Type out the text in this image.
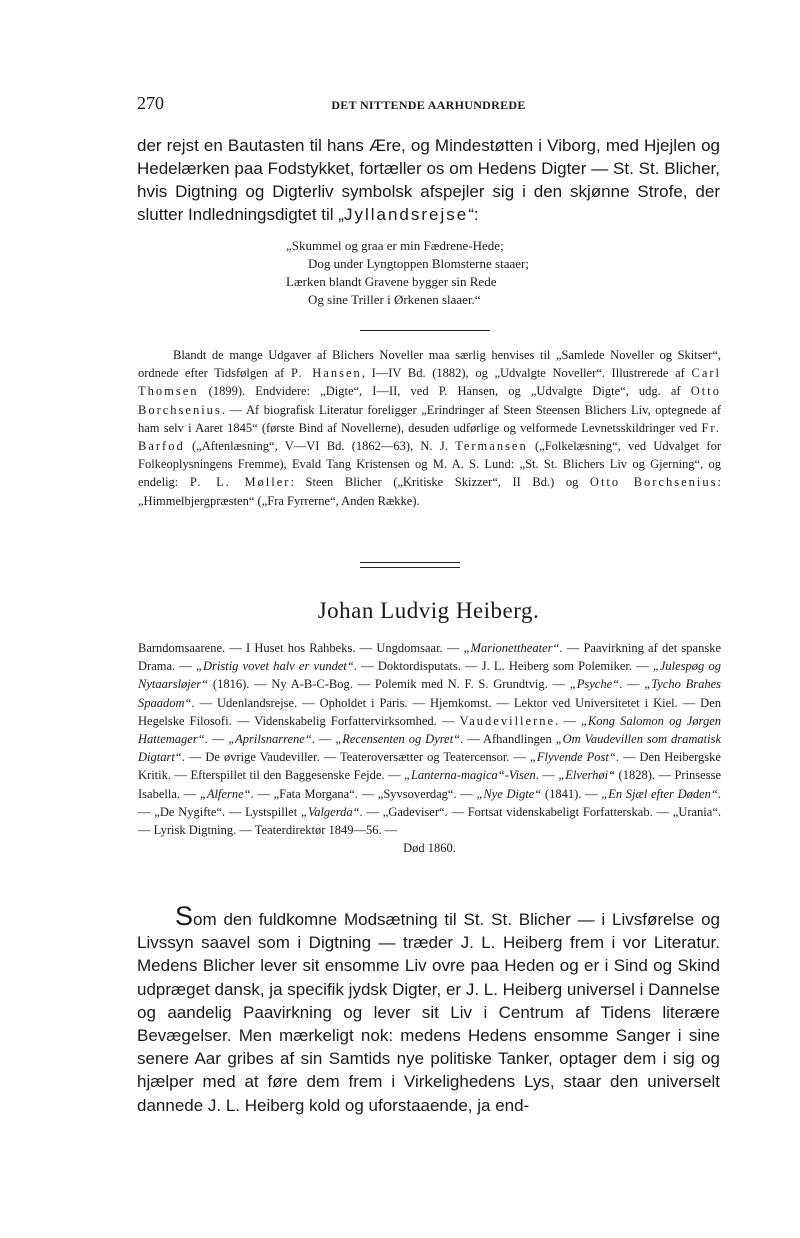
270	DET NITTENDE AARHUNDREDE

der rejst en Bautasten til hans Ære, og Mindestøtten i Viborg, med Hjejlen og Hedelærken paa Fodstykket, fortæller os om Hedens Digter — St. St. Blicher, hvis Digtning og Digterliv symbolsk afspejler sig i den skjønne Strofe, der slutter Indledningsdigtet til „Jyllandsrejse“:

„Skummel og graa er min Fædrene-Hede;
Dog under Lyngtoppen Blomsterne staaer;
Lærken blandt Gravene bygger sin Rede
Og sine Triller i Ørkenen slaaer.“

Blandt de mange Udgaver af Blichers Noveller maa særlig henvises til „Samlede Noveller og Skitser“, ordnede efter Tidsfølgen af P. Hansen, I—IV Bd. (1882), og „Udvalgte Noveller“. Illustrerede af Carl Thomsen (1899). Endvidere: „Digte“, I—II, ved P. Hansen, og „Udvalgte Digte“, udg. af Otto Borchsenius. — Af biografisk Literatur foreligger „Erindringer af Steen Steensen Blichers Liv, optegnede af ham selv i Aaret 1845“ (første Bind af Novellerne), desuden udførlige og velformede Levnetsskildringer ved Fr. Barfod („Aftenlæsning“, V—VI Bd. (1862—63), N. J. Termansen („Folkelæsning“, ved Udvalget for Folkeoplysningens Fremme), Evald Tang Kristensen og M. A. S. Lund: „St. St. Blichers Liv og Gjerning“, og endelig: P. L. Møller: Steen Blicher („Kritiske Skizzer“, II Bd.) og Otto Borchsenius: „Himmelbjergpræsten“ („Fra Fyrrerne“, Anden Række).

Johan Ludvig Heiberg.

Barndomsaarene. — I Huset hos Rahbeks. — Ungdomsaar. — „Marionettheater“. — Paavirkning af det spanske Drama. — „Dristig vovet halv er vundet“. — Doktordisputats. — J. L. Heiberg som Polemiker. — „Julespøg og Nytaarsløjer“ (1816). — Ny A-B-C-Bog. — Polemik med N. F. S. Grundtvig. — „Psyche“. — „Tycho Brahes Spaadom“. — Udenlandsrejse. — Opholdet i Paris. — Hjemkomst. — Lektor ved Universitetet i Kiel. — Den Hegelske Filosofi. — Videnskabelig Forfattervirksomhed. — Vaudevillerne. — „Kong Salomon og Jørgen Hattemager“. — „Aprilsnarrene“. — „Recensenten og Dyret“. — Afhandlingen „Om Vaudevillen som dramatisk Digtart“. — De øvrige Vaudeviller. — Teateroversætter og Teatercensor. — „Flyvende Post“. — Den Heibergske Kritik. — Efterspillet til den Baggesenske Fejde. — „Lanterna-magica“-Visen. — „Elverhøi“ (1828). — Prinsesse Isabella. — „Alferne“. — „Fata Morgana“. — „Syvsoverdag“. — „Nye Digte“ (1841). — „En Sjæl efter Døden“. — „De Nygifte“. — Lystspillet „Valgerda“. — „Gadeviser“. — Fortsat videnskabeligt Forfatterskab. — „Urania“. — Lyrisk Digtning. — Teaterdirektør 1849—56. —
Død 1860.

Som den fuldkomne Modsætning til St. St. Blicher — i Livsførelse og Livssyn saavel som i Digtning — træder J. L. Heiberg frem i vor Literatur. Medens Blicher lever sit ensomme Liv ovre paa Heden og er i Sind og Skind udpræget dansk, ja specifik jydsk Digter, er J. L. Heiberg universel i Dannelse og aandelig Paavirkning og lever sit Liv i Centrum af Tidens literære Bevægelser. Men mærkeligt nok: medens Hedens ensomme Sanger i sine senere Aar gribes af sin Samtids nye politiske Tanker, optager dem i sig og hjælper med at føre dem frem i Virkelighedens Lys, staar den universelt dannede J. L. Heiberg kold og uforstaaende, ja end-
